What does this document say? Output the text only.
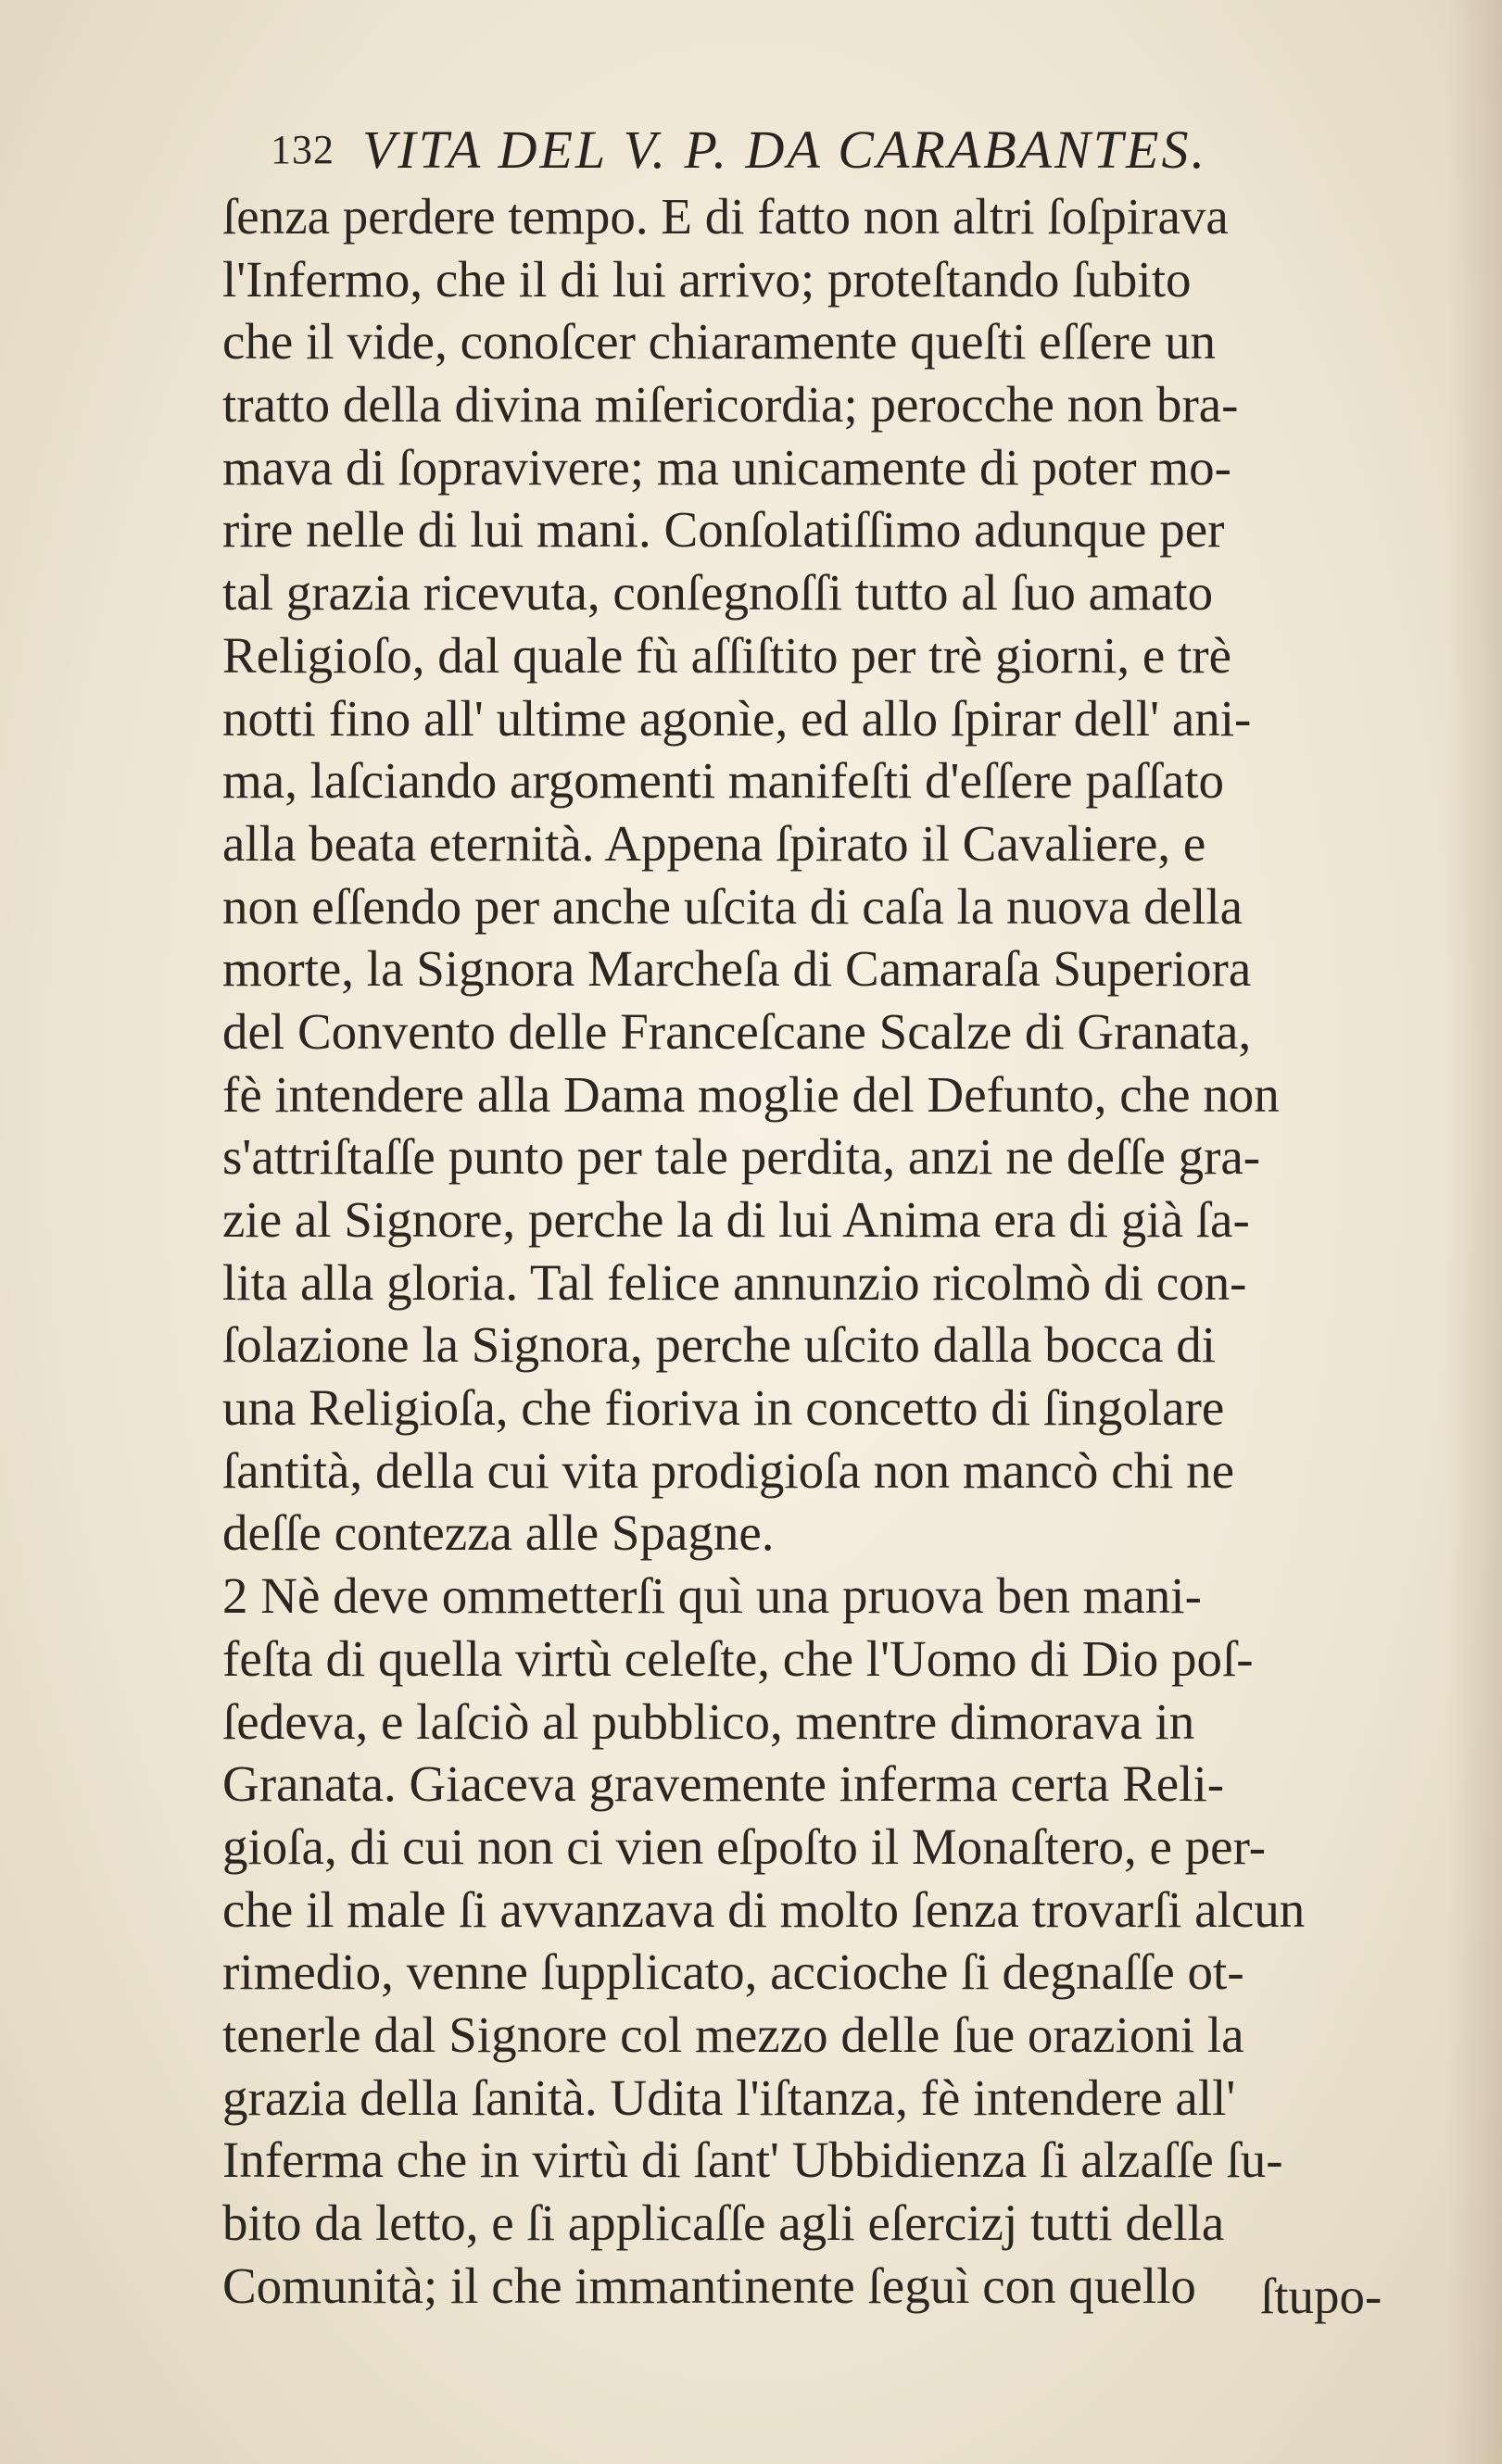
132 VITA DEL V. P. DA CARABANTES.
ſenza perdere tempo. E di fatto non altri ſoſpirava
l'Infermo, che il di lui arrivo; proteſtando ſubito
che il vide, conoſcer chiaramente queſti eſſere un
tratto della divina miſericordia; perocche non bra-
mava di ſopravivere; ma unicamente di poter mo-
rire nelle di lui mani. Conſolatiſſimo adunque per
tal grazia ricevuta, conſegnoſſi tutto al ſuo amato
Religioſo, dal quale fù aſſiſtito per trè giorni, e trè
notti fino all' ultime agonìe, ed allo ſpirar dell' ani-
ma, laſciando argomenti manifeſti d'eſſere paſſato
alla beata eternità. Appena ſpirato il Cavaliere, e
non eſſendo per anche uſcita di caſa la nuova della
morte, la Signora Marcheſa di Camaraſa Superiora
del Convento delle Franceſcane Scalze di Granata,
fè intendere alla Dama moglie del Defunto, che non
s'attriſtaſſe punto per tale perdita, anzi ne deſſe gra-
zie al Signore, perche la di lui Anima era di già ſa-
lita alla gloria. Tal felice annunzio ricolmò di con-
ſolazione la Signora, perche uſcito dalla bocca di
una Religioſa, che fioriva in concetto di ſingolare
ſantità, della cui vita prodigioſa non mancò chi ne
deſſe contezza alle Spagne.
2 Nè deve ommetterſi quì una pruova ben mani-
feſta di quella virtù celeſte, che l'Uomo di Dio poſ-
ſedeva, e laſciò al pubblico, mentre dimorava in
Granata. Giaceva gravemente inferma certa Reli-
gioſa, di cui non ci vien eſpoſto il Monaſtero, e per-
che il male ſi avvanzava di molto ſenza trovarſi alcun
rimedio, venne ſupplicato, accioche ſi degnaſſe ot-
tenerle dal Signore col mezzo delle ſue orazioni la
grazia della ſanità. Udita l'iſtanza, fè intendere all'
Inferma che in virtù di ſant' Ubbidienza ſi alzaſſe ſu-
bito da letto, e ſi applicaſſe agli eſercizj tutti della
Comunità; il che immantinente ſeguì con quello	ſtupo-
